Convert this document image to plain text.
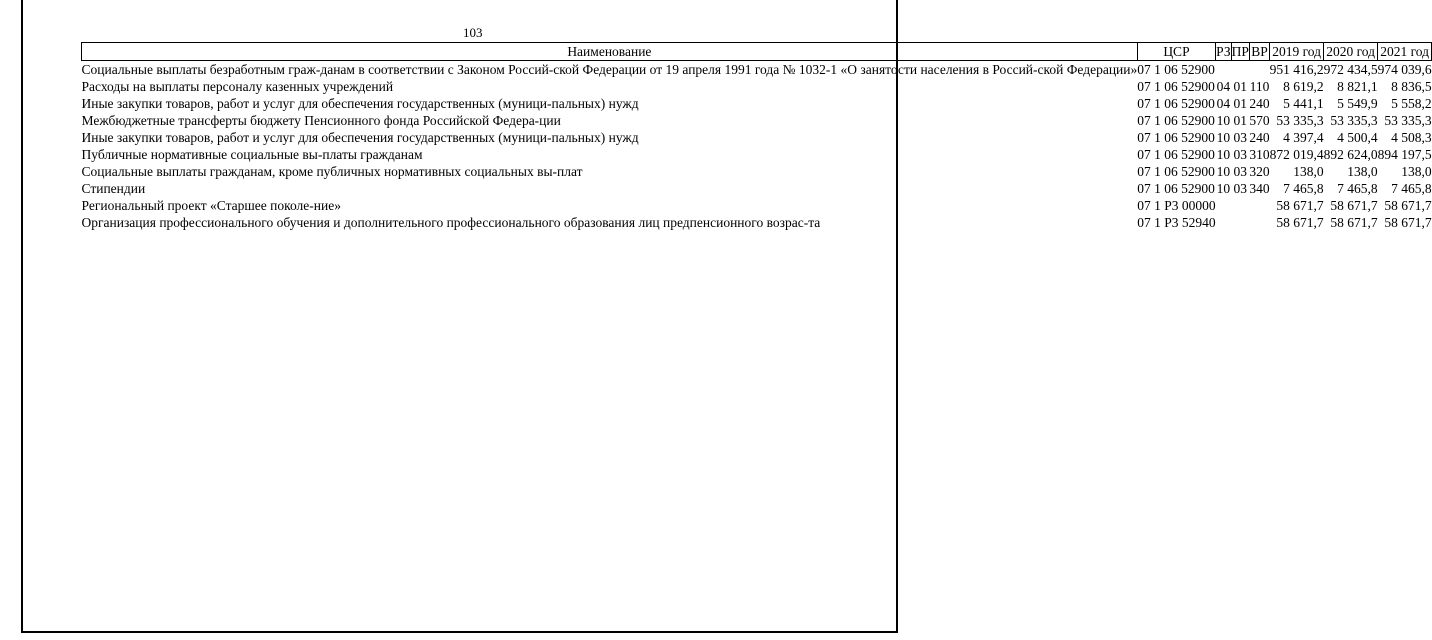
103
Наименование	ЦСР	РЗ	ПР	ВР	2019 год	2020 год	2021 год
Социальные выплаты безработным граж-данам в соответствии с Законом Россий-ской Федерации от 19 апреля 1991 года № 1032-1 «О занятости населения в Россий-ской Федерации»	07 1 06 52900				951 416,2	972 434,5	974 039,6
Расходы на выплаты персоналу казенных учреждений	07 1 06 52900	04	01	110	8 619,2	8 821,1	8 836,5
Иные закупки товаров, работ и услуг для обеспечения государственных (муници-пальных) нужд	07 1 06 52900	04	01	240	5 441,1	5 549,9	5 558,2
Межбюджетные трансферты бюджету Пенсионного фонда Российской Федера-ции	07 1 06 52900	10	01	570	53 335,3	53 335,3	53 335,3
Иные закупки товаров, работ и услуг для обеспечения государственных (муници-пальных) нужд	07 1 06 52900	10	03	240	4 397,4	4 500,4	4 508,3
Публичные нормативные социальные вы-платы гражданам	07 1 06 52900	10	03	310	872 019,4	892 624,0	894 197,5
Социальные выплаты гражданам, кроме публичных нормативных социальных вы-плат	07 1 06 52900	10	03	320	138,0	138,0	138,0
Стипендии	07 1 06 52900	10	03	340	7 465,8	7 465,8	7 465,8
Региональный проект «Старшее поколе-ние»	07 1 Р3 00000				58 671,7	58 671,7	58 671,7
Организация профессионального обучения и дополнительного профессионального образования лиц предпенсионного возрас-та	07 1 Р3 52940				58 671,7	58 671,7	58 671,7
